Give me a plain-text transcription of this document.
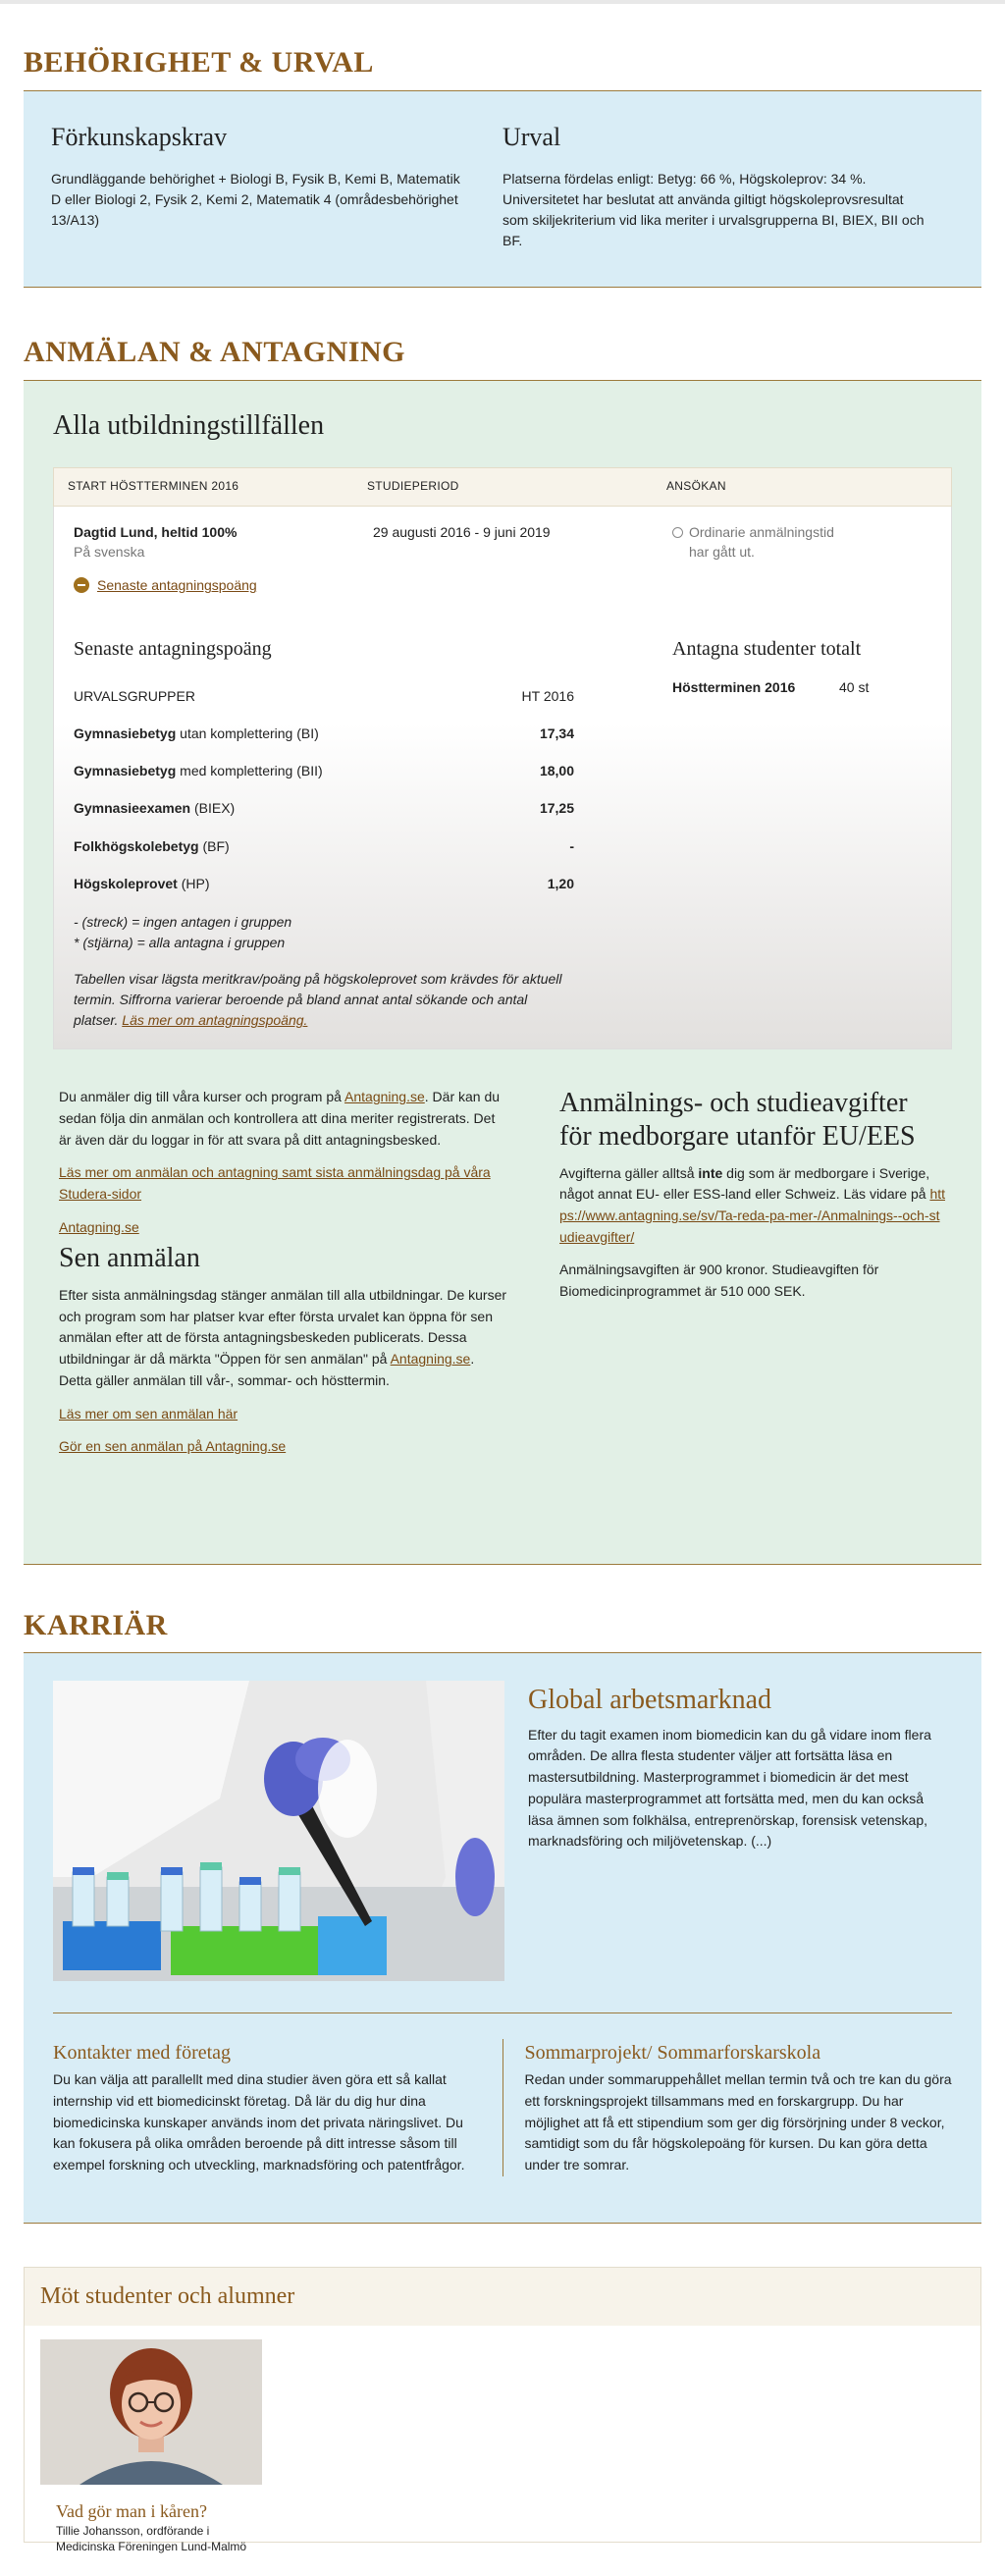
BEHÖRIGHET & URVAL
Förkunskapskrav

Grundläggande behörighet + Biologi B, Fysik B, Kemi B, Matematik D eller Biologi 2, Fysik 2, Kemi 2, Matematik 4 (områdesbehörighet 13/A13)

Urval

Platserna fördelas enligt: Betyg: 66 %, Högskoleprov: 34 %. Universitetet har beslutat att använda giltigt högskoleprovsresultat som skiljekriterium vid lika meriter i urvalsgrupperna BI, BIEX, BII och BF.

ANMÄLAN & ANTAGNING
Alla utbildningstillfällen
START HÖSTTERMINEN 2016	STUDIEPERIOD	ANSÖKAN
Dagtid Lund, heltid 100%
På svenska
29 augusti 2016 - 9 juni 2019	Ordinarie anmälningstid har gått ut.
Senaste antagningspoäng
Senaste antagningspoäng
URVALSGRUPPER	HT 2016
Gymnasiebetyg utan komplettering (BI)	17,34
Gymnasiebetyg med komplettering (BII)	18,00
Gymnasieexamen (BIEX)	17,25
Folkhögskolebetyg (BF)	-
Högskoleprovet (HP)	1,20

- (streck) = ingen antagen i gruppen

* (stjärna) = alla antagna i gruppen

Tabellen visar lägsta meritkrav/poäng på högskoleprovet som krävdes för aktuell termin. Siffrorna varierar beroende på bland annat antal sökande och antal platser. Läs mer om antagningspoäng.

Antagna studenter totalt
Höstterminen 2016	40 st

Du anmäler dig till våra kurser och program på Antagning.se. Där kan du sedan följa din anmälan och kontrollera att dina meriter registrerats. Det är även där du loggar in för att svara på ditt antagningsbesked.

Läs mer om anmälan och antagning samt sista anmälningsdag på våra Studera-sidor

Antagning.se

Sen anmälan

Efter sista anmälningsdag stänger anmälan till alla utbildningar. De kurser och program som har platser kvar efter första urvalet kan öppna för sen anmälan efter att de första antagningsbeskeden publicerats. Dessa utbildningar är då märkta "Öppen för sen anmälan" på Antagning.se. Detta gäller anmälan till vår-, sommar- och hösttermin.

Läs mer om sen anmälan här

Gör en sen anmälan på Antagning.se

Anmälnings- och studieavgifter för medborgare utanför EU/EES

Avgifterna gäller alltså inte dig som är medborgare i Sverige, något annat EU- eller ESS-land eller Schweiz. Läs vidare på https://www.antagning.se/sv/Ta-reda-pa-mer-/Anmalnings--och-studieavgifter/

Anmälningsavgiften är 900 kronor. Studieavgiften för Biomedicinprogrammet är 510 000 SEK.

KARRIÄR
Global arbetsmarknad

Efter du tagit examen inom biomedicin kan du gå vidare inom flera områden. De allra flesta studenter väljer att fortsätta läsa en mastersutbildning. Masterprogrammet i biomedicin är det mest populära masterprogrammet att fortsätta med, men du kan också läsa ämnen som folkhälsa, entreprenörskap, forensisk vetenskap, marknadsföring och miljövetenskap. (...)

Kontakter med företag

Du kan välja att parallellt med dina studier även göra ett så kallat internship vid ett biomedicinskt företag. Då lär du dig hur dina biomedicinska kunskaper används inom det privata näringslivet. Du kan fokusera på olika områden beroende på ditt intresse såsom till exempel forskning och utveckling, marknadsföring och patentfrågor.

Sommarprojekt/ Sommarforskarskola

Redan under sommaruppehållet mellan termin två och tre kan du göra ett forskningsprojekt tillsammans med en forskargrupp. Du har möjlighet att få ett stipendium som ger dig försörjning under 8 veckor, samtidigt som du får högskolepoäng för kursen. Du kan göra detta under tre somrar.

Möt studenter och alumner
Vad gör man i kåren?

Tillie Johansson, ordförande i Medicinska Föreningen Lund-Malmö
